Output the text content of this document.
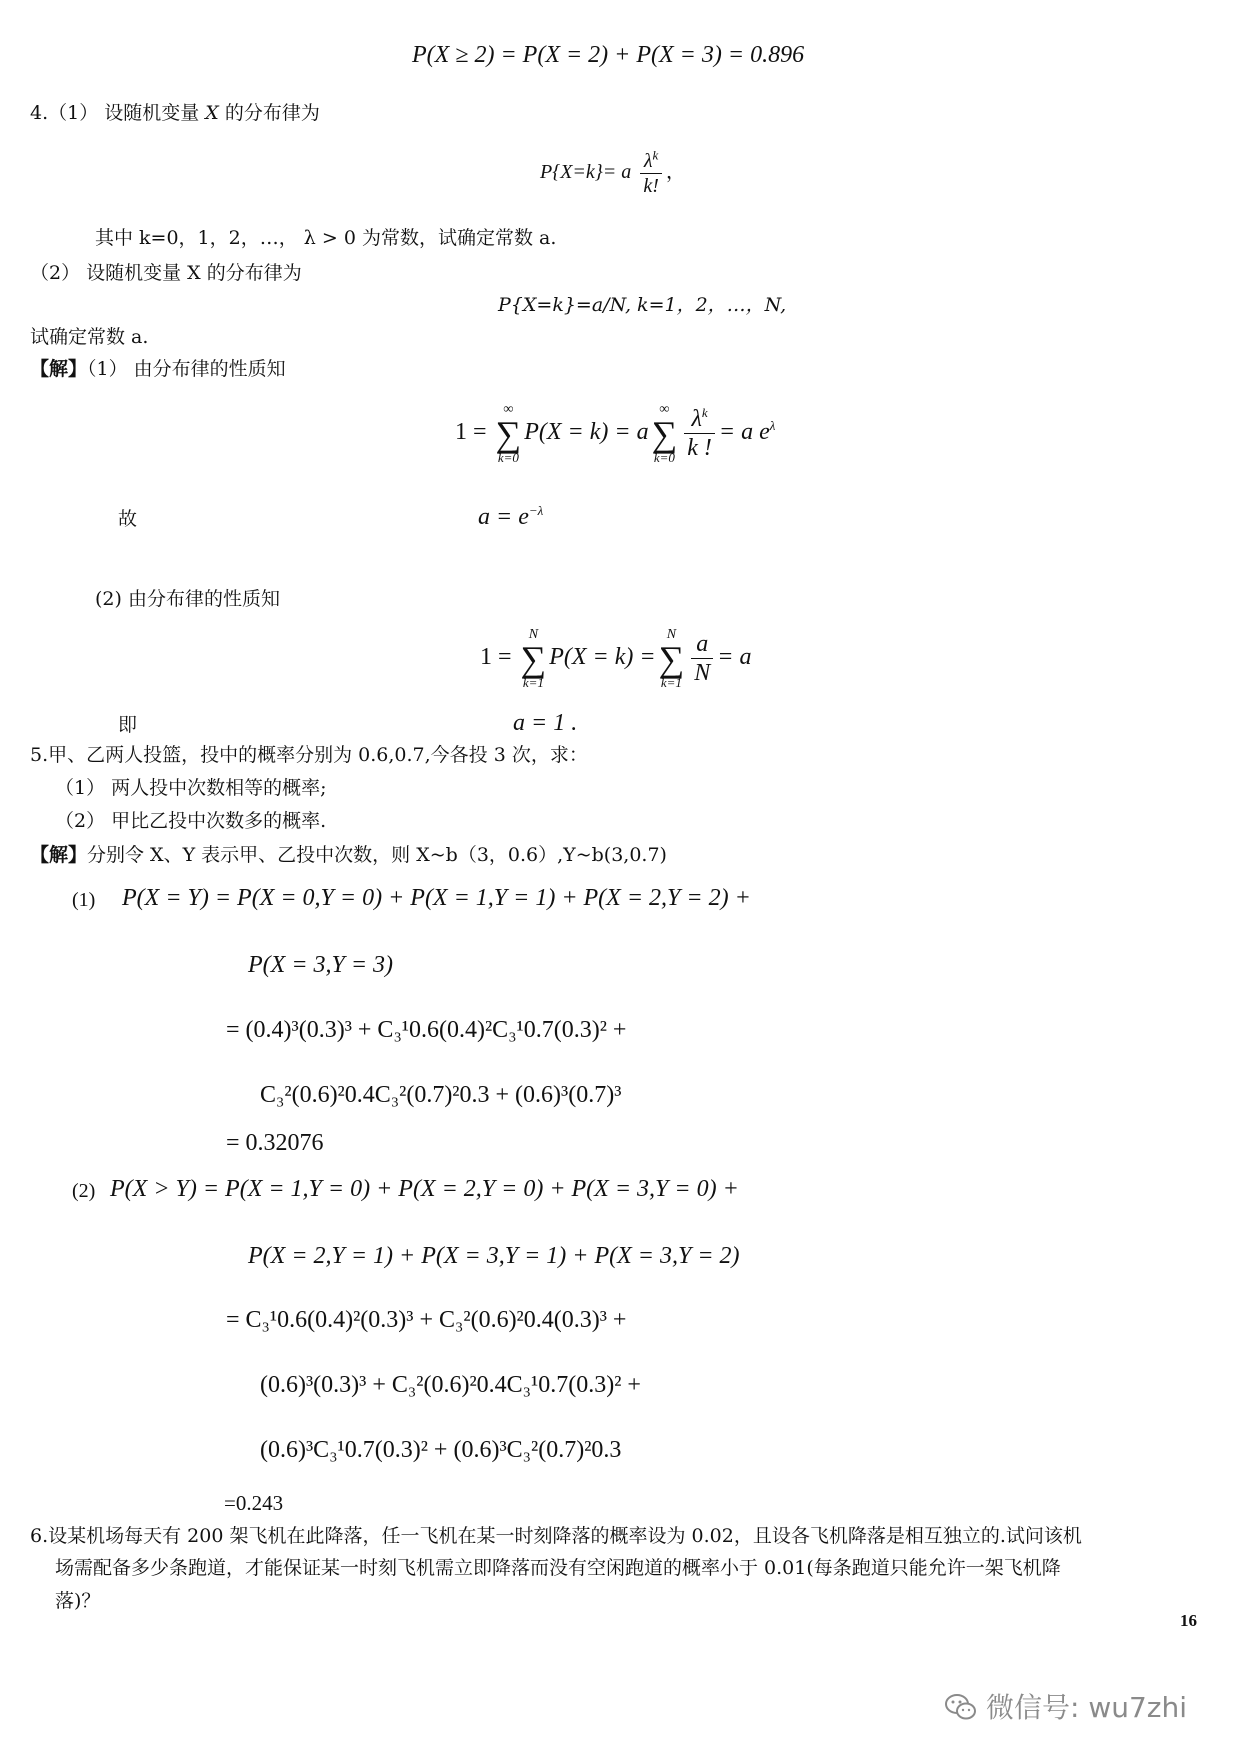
P(X ≥ 2) = P(X = 2) + P(X = 3) = 0.896
4.（1） 设随机变量 X 的分布律为
P{X=k}= a $\frac{\lambda^k}{k!}$ ，
其中 k=0，1，2，…， λ > 0 为常数，试确定常数 a.
（2） 设随机变量 X 的分布律为
P{X=k}=a/N, k=1，2，…，N,
试确定常数 a.
【解】（1） 由分布律的性质知
1 =
∞
∑
k=0
P(X = k) = a
∞
∑
$k=0 \frac{\lambda^k}{k !} = a$ $e^\lambda$
故	$a = e^{-\lambda}$
(2) 由分布律的性质知
1 =
N
∑
k=1
P(X = k) =
N
∑
$k=1 \frac{a}{N} = a$
即	a = 1 .
5.甲、乙两人投篮，投中的概率分别为 0.6,0.7,今各投 3 次，求：
（1） 两人投中次数相等的概率;
（2） 甲比乙投中次数多的概率.
【解】分别令 X、Y 表示甲、乙投中次数，则 X~b（3，0.6）,Y~b(3,0.7)
(1) P(X = Y) = P(X = 0,Y = 0) + P(X = 1,Y = 1) + P(X = 2,Y = 2) +
P(X = 3,Y = 3)
= (0.4)³(0.3)³ + C₃¹0.6(0.4)²C₃¹0.7(0.3)² +
C₃²(0.6)²0.4C₃²(0.7)²0.3 + (0.6)³(0.7)³
= 0.32076
(2) P(X > Y) = P(X = 1,Y = 0) + P(X = 2,Y = 0) + P(X = 3,Y = 0) +
P(X = 2,Y = 1) + P(X = 3,Y = 1) + P(X = 3,Y = 2)
= C₃¹0.6(0.4)²(0.3)³ + C₃²(0.6)²0.4(0.3)³ +
(0.6)³(0.3)³ + C₃²(0.6)²0.4C₃¹0.7(0.3)² +
(0.6)³C₃¹0.7(0.3)² + (0.6)³C₃²(0.7)²0.3
=0.243
6.设某机场每天有 200 架飞机在此降落，任一飞机在某一时刻降落的概率设为 0.02，且设各飞机降落是相互独立的.试问该机
场需配备多少条跑道，才能保证某一时刻飞机需立即降落而没有空闲跑道的概率小于 0.01(每条跑道只能允许一架飞机降
落)？
16
微信号: wu7zhi
